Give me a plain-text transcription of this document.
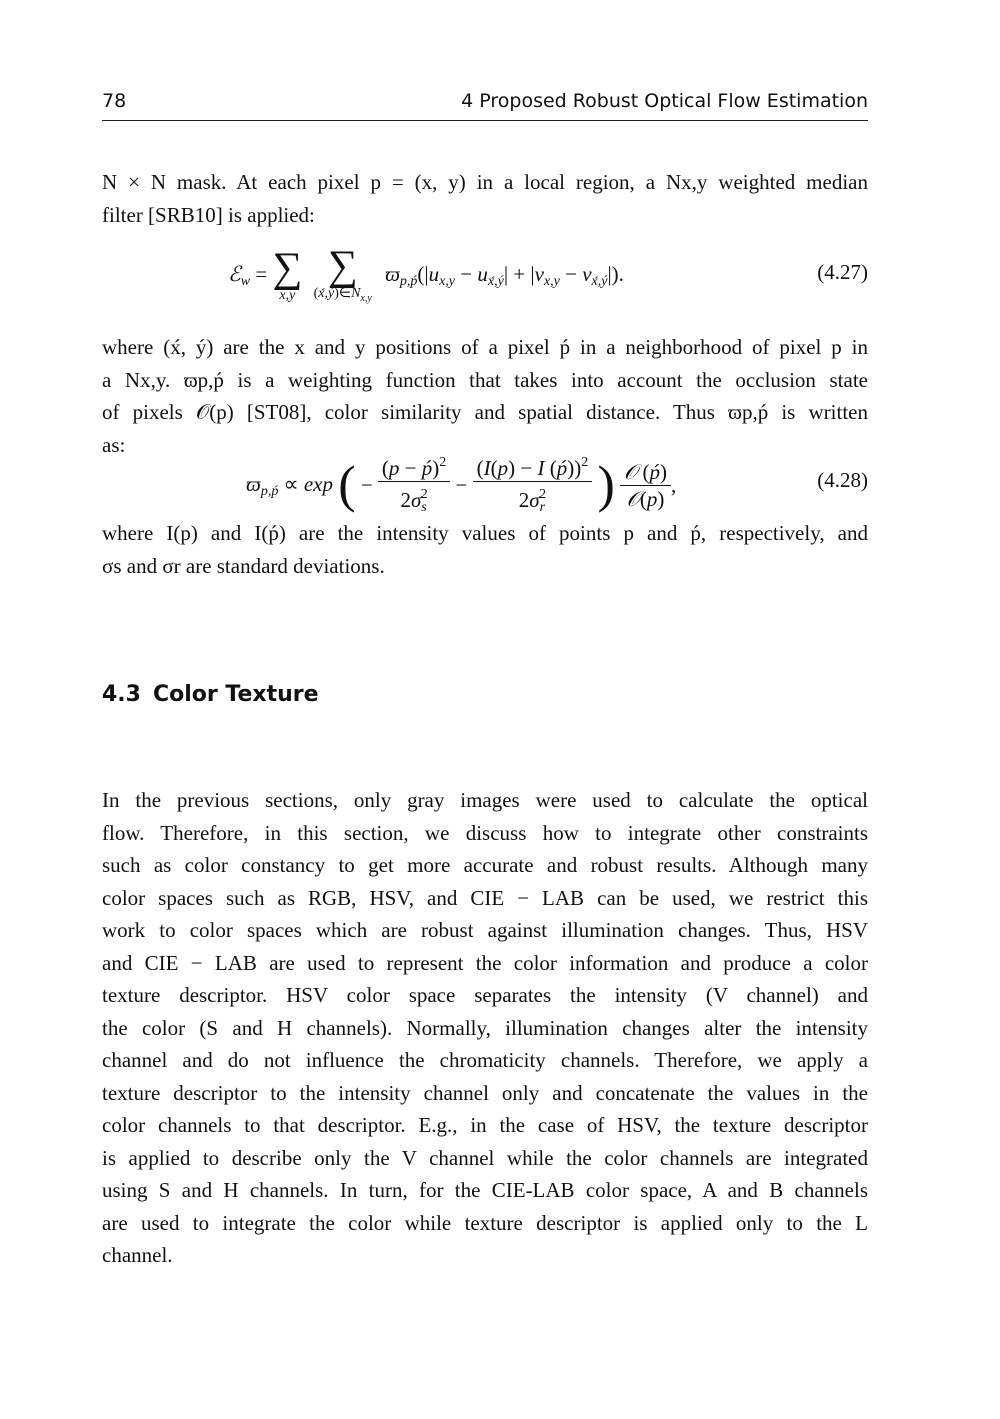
78	4 Proposed Robust Optical Flow Estimation
N × N mask. At each pixel p = (x, y) in a local region, a Nx,y weighted median
filter [SRB10] is applied:
ℰ$_w$ = ∑
x,y

∑
$(x́,ý)\in N_{x,y}$
$ϖ_{p,ṕ}(|u_{x,y} - u_{x́,ý}| + |v_{x,y} - v_{x́,ý}|)$.	(4.27)
where (x́, ý) are the x and y positions of a pixel ṕ in a neighborhood of pixel p in
a Nx,y. ϖp,ṕ is a weighting function that takes into account the occlusion state
of pixels 𝒪(p) [ST08], color similarity and spatial distance. Thus ϖp,ṕ is written
as:
$ϖ_{p,ṕ} \propto \exp$ ( − $\frac{(p - ṕ)^2}{2\sigma_s^2} - \frac{(I(p) - I (ṕ))^2}{2\sigma_r^2}$ ) $\frac{\text{𝒪 (ṕ)}}{\text{𝒪(p)}}$ ,	(4.28)
where I(p) and I(ṕ) are the intensity values of points p and ṕ, respectively, and
σs and σr are standard deviations.
4.3 Color Texture
In the previous sections, only gray images were used to calculate the optical
flow. Therefore, in this section, we discuss how to integrate other constraints
such as color constancy to get more accurate and robust results. Although many
color spaces such as RGB, HSV, and CIE − LAB can be used, we restrict this
work to color spaces which are robust against illumination changes. Thus, HSV
and CIE − LAB are used to represent the color information and produce a color
texture descriptor. HSV color space separates the intensity (V channel) and
the color (S and H channels). Normally, illumination changes alter the intensity
channel and do not influence the chromaticity channels. Therefore, we apply a
texture descriptor to the intensity channel only and concatenate the values in the
color channels to that descriptor. E.g., in the case of HSV, the texture descriptor
is applied to describe only the V channel while the color channels are integrated
using S and H channels. In turn, for the CIE-LAB color space, A and B channels
are used to integrate the color while texture descriptor is applied only to the L
channel.
